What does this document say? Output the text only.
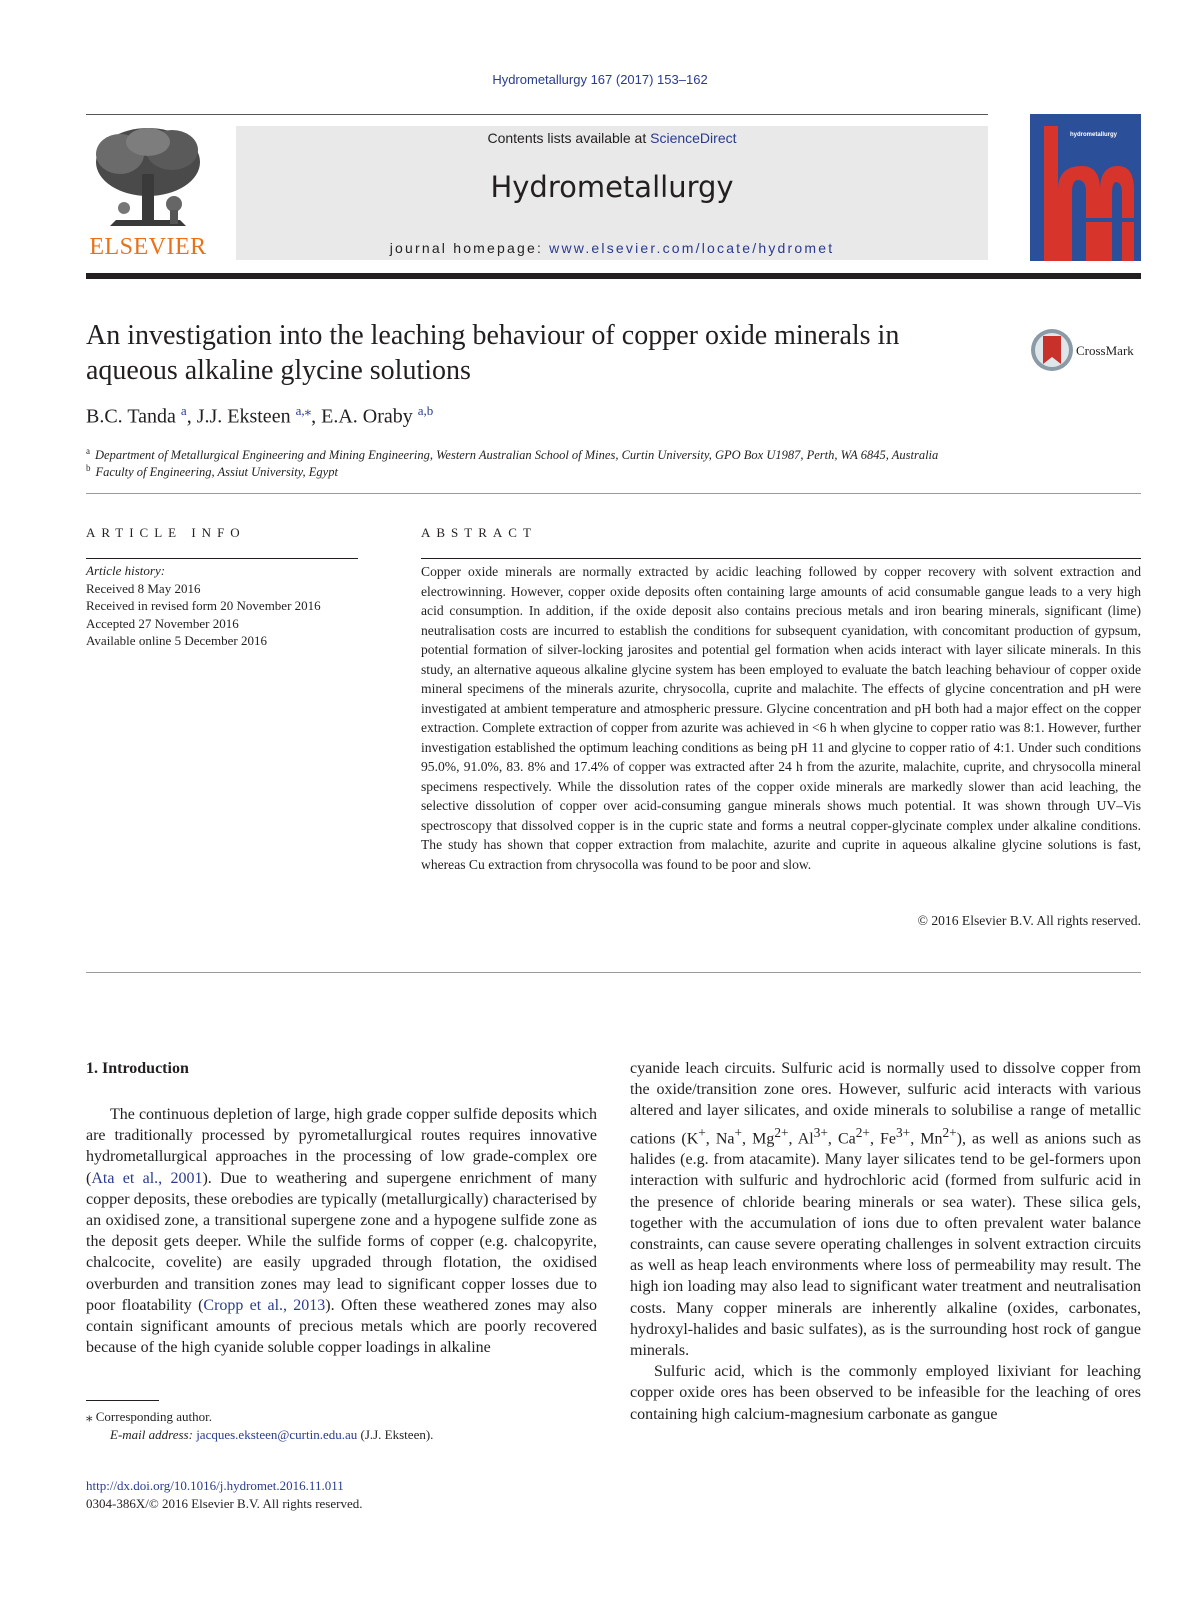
Hydrometallurgy 167 (2017) 153–162
ELSEVIER
Contents lists available at ScienceDirect
Hydrometallurgy
journal homepage: www.elsevier.com/locate/hydromet
hydrometallurgy
An investigation into the leaching behaviour of copper oxide minerals in aqueous alkaline glycine solutions
CrossMark
B.C. Tanda $^a$, J.J. Eksteen $^{a,⁎}$, E.A. Oraby $^{a,b}$
$^a$ Department of Metallurgical Engineering and Mining Engineering, Western Australian School of Mines, Curtin University, GPO Box U1987, Perth, WA 6845, Australia
$^b$ Faculty of Engineering, Assiut University, Egypt
ARTICLE INFO
Article history:
Received 8 May 2016
Received in revised form 20 November 2016
Accepted 27 November 2016
Available online 5 December 2016
ABSTRACT

Copper oxide minerals are normally extracted by acidic leaching followed by copper recovery with solvent extraction and electrowinning. However, copper oxide deposits often containing large amounts of acid consumable gangue leads to a very high acid consumption. In addition, if the oxide deposit also contains precious metals and iron bearing minerals, significant (lime) neutralisation costs are incurred to establish the conditions for subsequent cyanidation, with concomitant production of gypsum, potential formation of silver-locking jarosites and potential gel formation when acids interact with layer silicate minerals. In this study, an alternative aqueous alkaline glycine system has been employed to evaluate the batch leaching behaviour of copper oxide mineral specimens of the minerals azurite, chrysocolla, cuprite and malachite. The effects of glycine concentration and pH were investigated at ambient temperature and atmospheric pressure. Glycine concentration and pH both had a major effect on the copper extraction. Complete extraction of copper from azurite was achieved in <6 h when glycine to copper ratio was 8:1. However, further investigation established the optimum leaching conditions as being pH 11 and glycine to copper ratio of 4:1. Under such conditions 95.0%, 91.0%, 83. 8% and 17.4% of copper was extracted after 24 h from the azurite, malachite, cuprite, and chrysocolla mineral specimens respectively. While the dissolution rates of the copper oxide minerals are markedly slower than acid leaching, the selective dissolution of copper over acid-consuming gangue minerals shows much potential. It was shown through UV–Vis spectroscopy that dissolved copper is in the cupric state and forms a neutral copper-glycinate complex under alkaline conditions. The study has shown that copper extraction from malachite, azurite and cuprite in aqueous alkaline glycine solutions is fast, whereas Cu extraction from chrysocolla was found to be poor and slow.

© 2016 Elsevier B.V. All rights reserved.
1. Introduction

The continuous depletion of large, high grade copper sulfide deposits which are traditionally processed by pyrometallurgical routes requires innovative hydrometallurgical approaches in the processing of low grade-complex ore (Ata et al., 2001). Due to weathering and supergene enrichment of many copper deposits, these orebodies are typically (metallurgically) characterised by an oxidised zone, a transitional supergene zone and a hypogene sulfide zone as the deposit gets deeper. While the sulfide forms of copper (e.g. chalcopyrite, chalcocite, covelite) are easily upgraded through flotation, the oxidised overburden and transition zones may lead to significant copper losses due to poor floatability (Cropp et al., 2013). Often these weathered zones may also contain significant amounts of precious metals which are poorly recovered because of the high cyanide soluble copper loadings in alkaline

cyanide leach circuits. Sulfuric acid is normally used to dissolve copper from the oxide/transition zone ores. However, sulfuric acid interacts with various altered and layer silicates, and oxide minerals to solubilise a range of metallic cations (K+, Na+, $Mg^{2+}$, $Al^{3+}$, $Ca^{2+}$, $Fe^{3+}$, $Mn^{2+}$), as well as anions such as halides (e.g. from atacamite). Many layer silicates tend to be gel-formers upon interaction with sulfuric and hydrochloric acid (formed from sulfuric acid in the presence of chloride bearing minerals or sea water). These silica gels, together with the accumulation of ions due to often prevalent water balance constraints, can cause severe operating challenges in solvent extraction circuits as well as heap leach environments where loss of permeability may result. The high ion loading may also lead to significant water treatment and neutralisation costs. Many copper minerals are inherently alkaline (oxides, carbonates, hydroxyl-halides and basic sulfates), as is the surrounding host rock of gangue minerals.

Sulfuric acid, which is the commonly employed lixiviant for leaching copper oxide ores has been observed to be infeasible for the leaching of ores containing high calcium-magnesium carbonate as gangue

⁎ Corresponding author.
E-mail address: jacques.eksteen@curtin.edu.au (J.J. Eksteen).
http://dx.doi.org/10.1016/j.hydromet.2016.11.011
0304-386X/© 2016 Elsevier B.V. All rights reserved.
